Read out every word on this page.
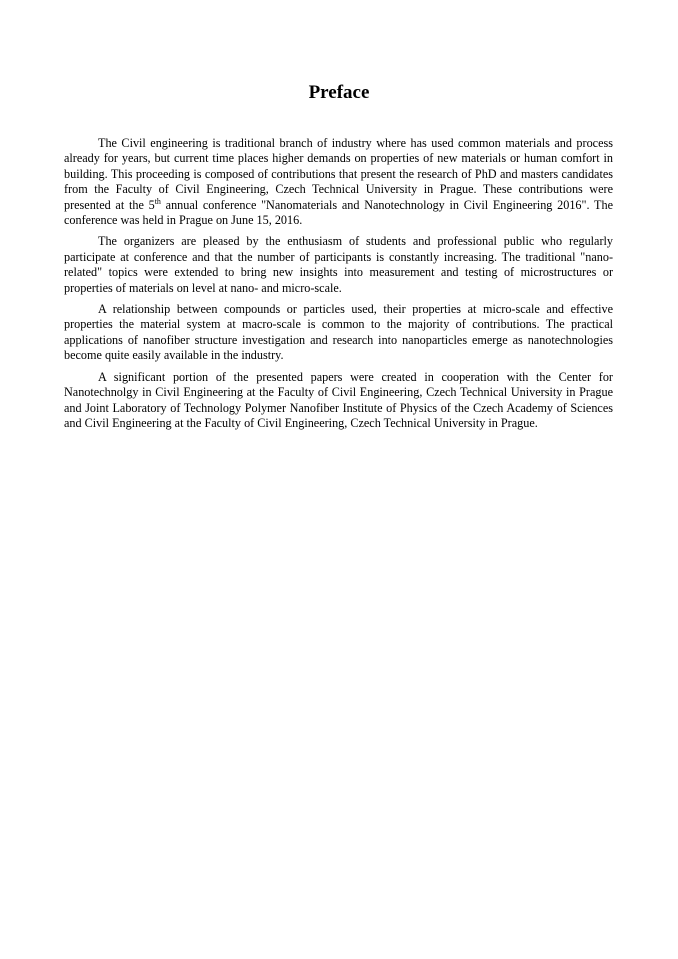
Preface

The Civil engineering is traditional branch of industry where has used common materials and process already for years, but current time places higher demands on properties of new materials or human comfort in building. This proceeding is composed of contributions that present the research of PhD and masters candidates from the Faculty of Civil Engineering, Czech Technical University in Prague. These contributions were presented at the 5th annual conference "Nanomaterials and Nanotechnology in Civil Engineering 2016". The conference was held in Prague on June 15, 2016.

The organizers are pleased by the enthusiasm of students and professional public who regularly participate at conference and that the number of participants is constantly increasing. The traditional "nano-related" topics were extended to bring new insights into measurement and testing of microstructures or properties of materials on level at nano- and micro-scale.

A relationship between compounds or particles used, their properties at micro-scale and effective properties the material system at macro-scale is common to the majority of contributions. The practical applications of nanofiber structure investigation and research into nanoparticles emerge as nanotechnologies become quite easily available in the industry.

A significant portion of the presented papers were created in cooperation with the Center for Nanotechnolgy in Civil Engineering at the Faculty of Civil Engineering, Czech Technical University in Prague and Joint Laboratory of Technology Polymer Nanofiber Institute of Physics of the Czech Academy of Sciences and Civil Engineering at the Faculty of Civil Engineering, Czech Technical University in Prague.
